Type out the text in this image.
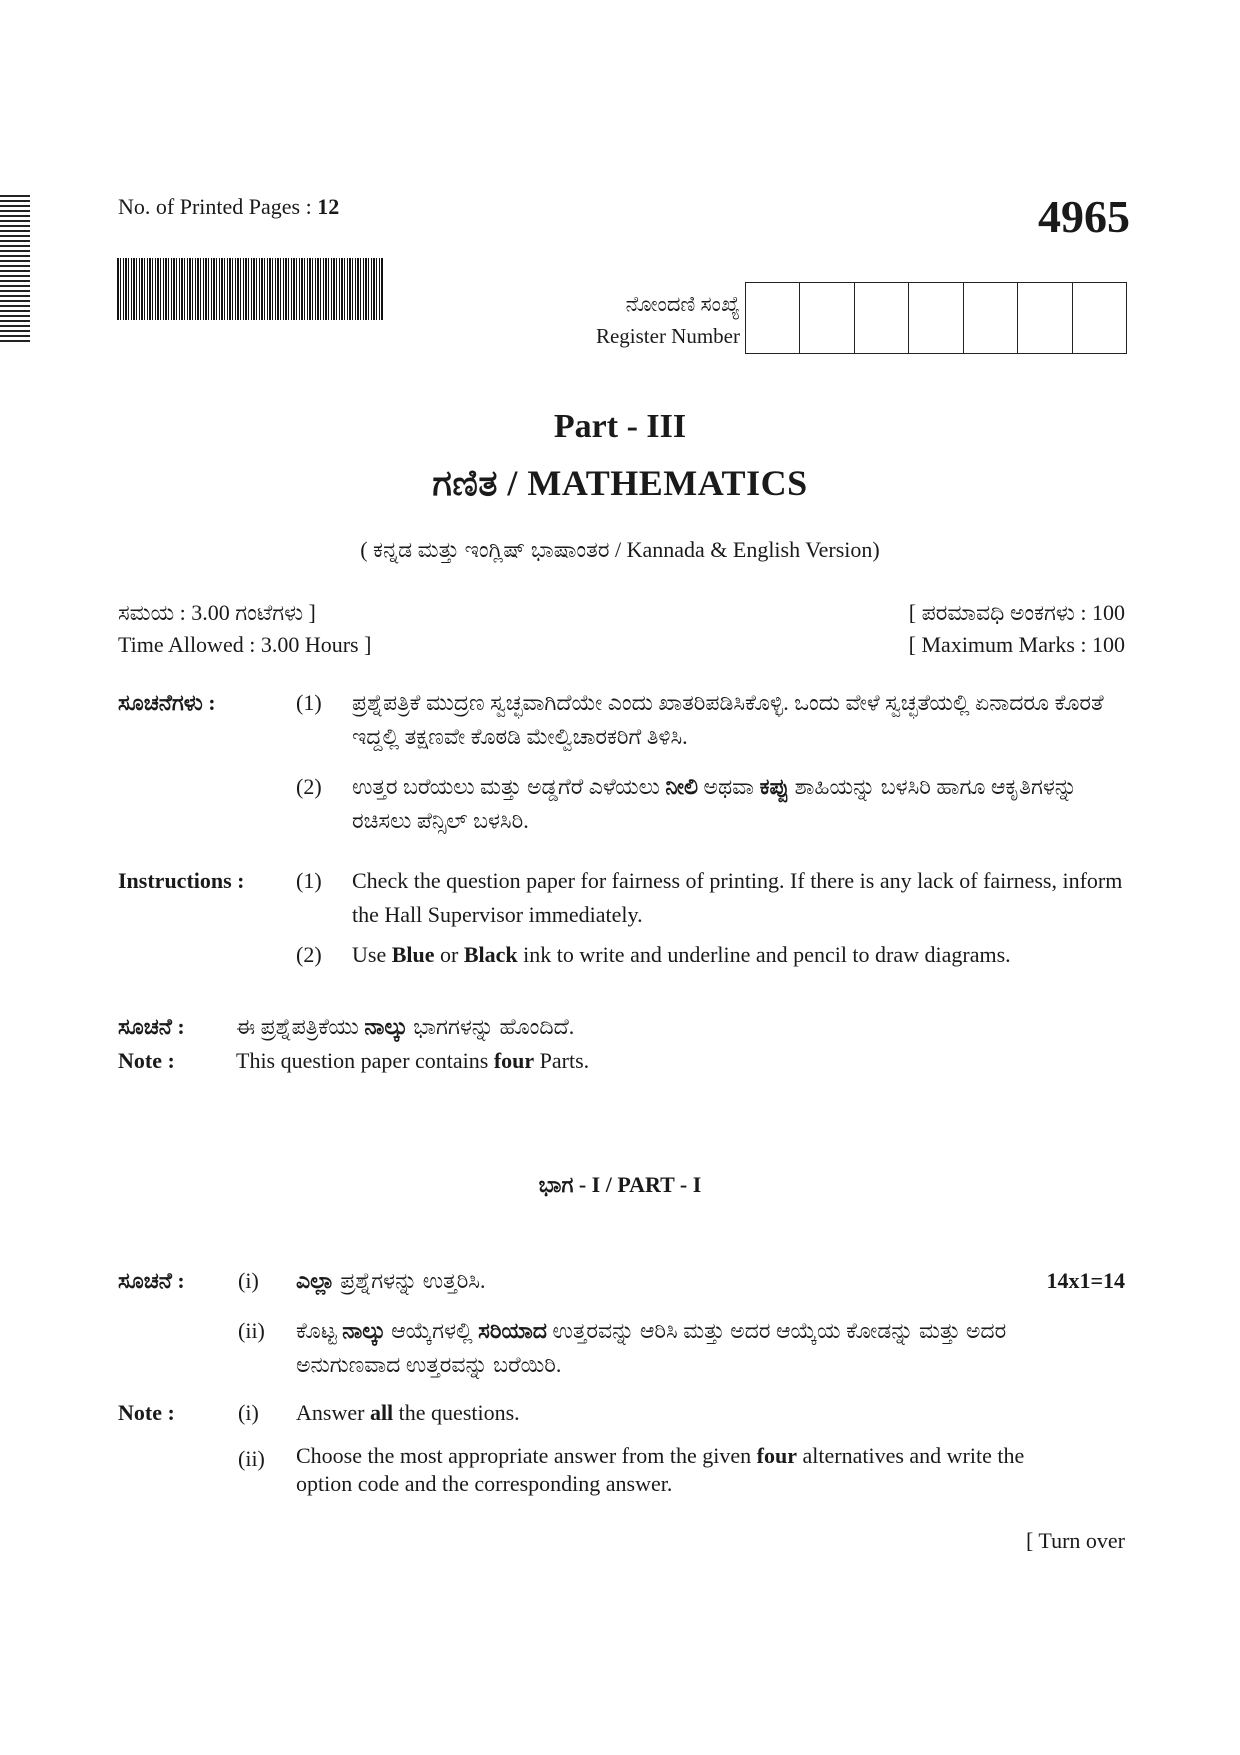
No. of Printed Pages : 12	4965
ನೋಂದಣಿ ಸಂಖ್ಯೆ
Register Number
Part - III
ಗಣಿತ / MATHEMATICS
( ಕನ್ನಡ ಮತ್ತು ಇಂಗ್ಲಿಷ್ ಭಾಷಾಂತರ / Kannada & English Version)
ಸಮಯ : 3.00 ಗಂಟೆಗಳು ]	[ ಪರಮಾವಧಿ ಅಂಕಗಳು : 100
Time Allowed : 3.00 Hours ]	[ Maximum Marks : 100
ಸೂಚನೆಗಳು :	(1) ಪ್ರಶ್ನೆಪತ್ರಿಕೆ ಮುದ್ರಣ ಸ್ವಚ್ಛವಾಗಿದೆಯೇ ಎಂದು ಖಾತರಿಪಡಿಸಿಕೊಳ್ಳಿ. ಒಂದು ವೇಳೆ ಸ್ವಚ್ಛತೆಯಲ್ಲಿ ಏನಾದರೂ ಕೊರತೆ ಇದ್ದಲ್ಲಿ ತಕ್ಷಣವೇ ಕೊಠಡಿ ಮೇಲ್ವಿಚಾರಕರಿಗೆ ತಿಳಿಸಿ.
(2) ಉತ್ತರ ಬರೆಯಲು ಮತ್ತು ಅಡ್ಡಗೆರೆ ಎಳೆಯಲು ನೀಲಿ ಅಥವಾ ಕಪ್ಪು ಶಾಹಿಯನ್ನು ಬಳಸಿರಿ ಹಾಗೂ ಆಕೃತಿಗಳನ್ನು ರಚಿಸಲು ಪೆನ್ಸಿಲ್ ಬಳಸಿರಿ.
Instructions : (1) Check the question paper for fairness of printing. If there is any lack of fairness, inform the Hall Supervisor immediately.
(2) Use Blue or Black ink to write and underline and pencil to draw diagrams.
ಸೂಚನೆ : ಈ ಪ್ರಶ್ನೆಪತ್ರಿಕೆಯು ನಾಲ್ಕು ಭಾಗಗಳನ್ನು ಹೊಂದಿದೆ.
Note :	This question paper contains four Parts.
ಭಾಗ - I / PART - I
ಸೂಚನೆ : (i) ಎಲ್ಲಾ ಪ್ರಶ್ನೆಗಳನ್ನು ಉತ್ತರಿಸಿ.	14x1=14
(ii) ಕೊಟ್ಟ ನಾಲ್ಕು ಆಯ್ಕೆಗಳಲ್ಲಿ ಸರಿಯಾದ ಉತ್ತರವನ್ನು ಆರಿಸಿ ಮತ್ತು ಅದರ ಆಯ್ಕೆಯ ಕೋಡನ್ನು ಮತ್ತು ಅದರ ಅನುಗುಣವಾದ ಉತ್ತರವನ್ನು ಬರೆಯಿರಿ.
Note :	(i) Answer all the questions.
(ii) Choose the most appropriate answer from the given four alternatives and write the option code and the corresponding answer.
[ Turn over
